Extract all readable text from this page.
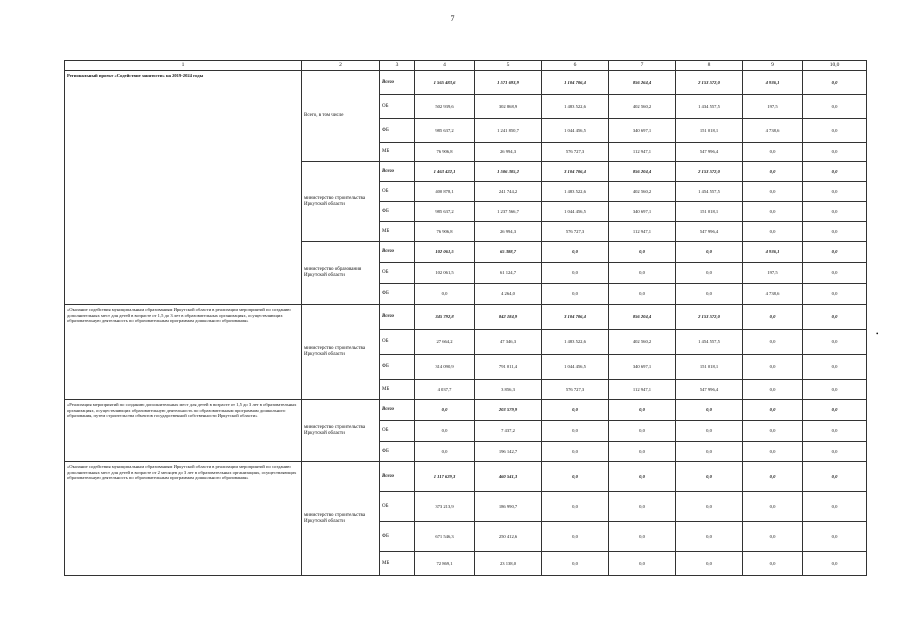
7
1	2	3	4	5	6	7	8	9	10,0
Региональный проект «Содействие занятости» на 2019-2024 годы	Всего, в том числе	Всего	1 565 483,6	1 571 693,9	1 104 706,4	856 264,4	2 153 572,0	4 936,1	0,0
		ОБ	502 939,6	302 868,9	1 483 522,6	402 560,2	1 434 557,5	197,5	0,0
		ФБ	985 637,2	1 241 850,7	1 044 456,5	340 697,1	151 018,1	4 738,6	0,0
		МБ	76 906,8	26 994,3	576 727,3	112 947,1	547 996,4	0,0	0,0
	министерство строительства Иркутской области	Всего	1 463 422,1	1 506 305,2	3 104 706,4	856 204,4	2 153 572,0	0,0	0,0
		ОБ	400 878,1	241 744,2	1 483 522,6	402 560,2	1 454 557,5	0,0	0,0
		ФБ	985 637,2	1 237 566,7	1 044 456,5	340 697,1	151 018,1	0,0	0,0
		МБ	76 906,8	26 994,3	576 727,3	112 947,1	547 996,4	0,0	0,0
	министерство образования Иркутской области	Всего	102 061,5	65 388,7	0,0	0,0	0,0	4 936,1	0,0
		ОБ	102 061,5	61 124,7	0,0	0,0	0,0	197,5	0,0
		ФБ	0,0	4 264,0	0,0	0,0	0,0	4 738,6	0,0
«Оказание содействия муниципальным образованиям Иркутской области в реализации мероприятий по созданию дополнительных мест для детей в возрасте от 1,5 до 3 лет в образовательных организациях, осуществляющих образовательную деятельность по образовательным программам дошкольного образования»	министерство строительства Иркутской области	Всего	345 792,8	842 184,9	3 104 706,4	856 204,4	2 153 572,0	0,0	0,0
		ОБ	27 664,2	47 346,3	1 483 522,6	402 560,2	1 454 557,5	0,0	0,0
		ФБ	314 090,9	791 011,4	1 044 456,5	340 697,1	151 018,1	0,0	0,0
		МБ	4 037,7	3 856,3	576 727,3	112 947,1	547 996,4	0,0	0,0
«Реализация мероприятий по созданию дополнительных мест для детей в возрасте от 1,5 до 3 лет в образовательных организациях, осуществляющих образовательную деятельность по образовательным программам дошкольного образования, путем строительства объектов государственной собственности Иркутской области»	министерство строительства Иркутской области	Всего	0,0	203 579,9	0,0	0,0	0,0	0,0	0,0
		ОБ	0,0	7 437,2	0,0	0,0	0,0	0,0	0,0
		ФБ	0,0	196 142,7	0,0	0,0	0,0	0,0	0,0
«Оказание содействия муниципальным образованиям Иркутской области в реализации мероприятий по созданию дополнительных мест для детей в возрасте от 2 месяцев до 3 лет в образовательных организациях, осуществляющих образовательную деятельность по образовательным программам дошкольного образования»	министерство строительства Иркутской области	Всего	1 117 629,3	460 541,3	0,0	0,0	0,0	0,0	0,0
		ОБ	373 213,9	186 990,7	0,0	0,0	0,0	0,0	0,0
		ФБ	671 546,3	250 412,6	0,0	0,0	0,0	0,0	0,0
		МБ	72 869,1	23 138,0	0,0	0,0	0,0	0,0	0,0
•
